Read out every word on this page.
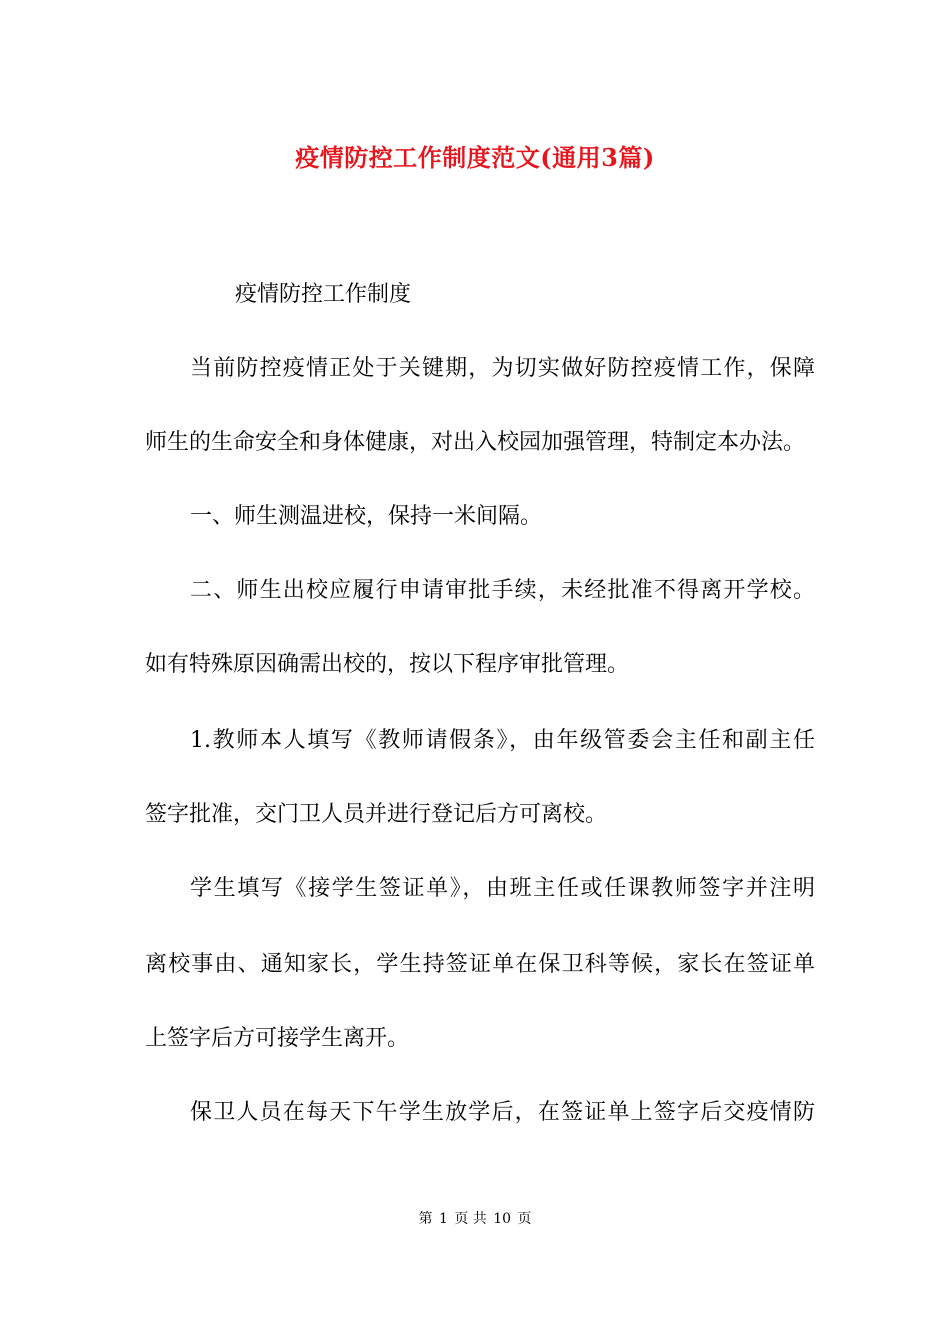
疫情防控工作制度范文(通用3篇)
疫情防控工作制度
当前防控疫情正处于关键期，为切实做好防控疫情工作，保障
师生的生命安全和身体健康，对出入校园加强管理，特制定本办法。
一、师生测温进校，保持一米间隔。
二、师生出校应履行申请审批手续，未经批准不得离开学校。
如有特殊原因确需出校的，按以下程序审批管理。
1.教师本人填写《教师请假条》，由年级管委会主任和副主任
签字批准，交门卫人员并进行登记后方可离校。
学生填写《接学生签证单》，由班主任或任课教师签字并注明
离校事由、通知家长，学生持签证单在保卫科等候，家长在签证单
上签字后方可接学生离开。
保卫人员在每天下午学生放学后，在签证单上签字后交疫情防
第 1 页 共 10 页
